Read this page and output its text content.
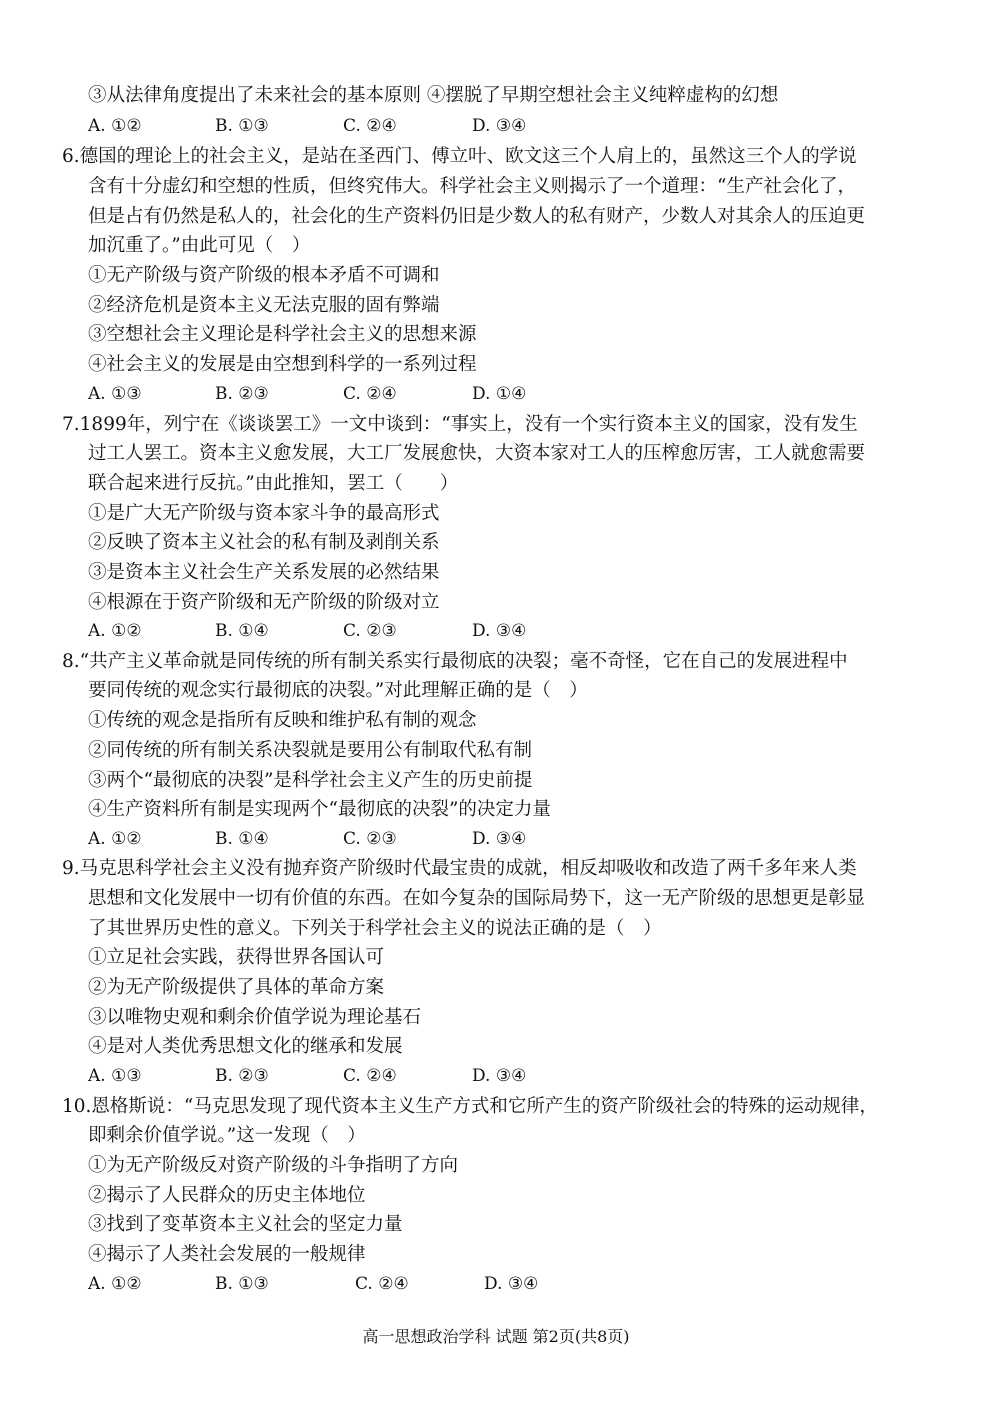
③从法律角度提出了未来社会的基本原则 ④摆脱了早期空想社会主义纯粹虚构的幻想
A. ①②	B. ①③	C. ②④	D. ③④
6.德国的理论上的社会主义，是站在圣西门、傅立叶、欧文这三个人肩上的，虽然这三个人的学说
含有十分虚幻和空想的性质，但终究伟大。科学社会主义则揭示了一个道理：“生产社会化了，
但是占有仍然是私人的，社会化的生产资料仍旧是少数人的私有财产，少数人对其余人的压迫更
加沉重了。”由此可见（　）
①无产阶级与资产阶级的根本矛盾不可调和
②经济危机是资本主义无法克服的固有弊端
③空想社会主义理论是科学社会主义的思想来源
④社会主义的发展是由空想到科学的一系列过程
A. ①③	B. ②③	C. ②④	D. ①④
7.1899年，列宁在《谈谈罢工》一文中谈到：“事实上，没有一个实行资本主义的国家，没有发生
过工人罢工。资本主义愈发展，大工厂发展愈快，大资本家对工人的压榨愈厉害，工人就愈需要
联合起来进行反抗。”由此推知，罢工（　　）
①是广大无产阶级与资本家斗争的最高形式
②反映了资本主义社会的私有制及剥削关系
③是资本主义社会生产关系发展的必然结果
④根源在于资产阶级和无产阶级的阶级对立
A. ①②	B. ①④	C. ②③	D. ③④
8.“共产主义革命就是同传统的所有制关系实行最彻底的决裂；毫不奇怪，它在自己的发展进程中
要同传统的观念实行最彻底的决裂。”对此理解正确的是（　）
①传统的观念是指所有反映和维护私有制的观念
②同传统的所有制关系决裂就是要用公有制取代私有制
③两个“最彻底的决裂”是科学社会主义产生的历史前提
④生产资料所有制是实现两个“最彻底的决裂”的决定力量
A. ①②	B. ①④	C. ②③	D. ③④
9.马克思科学社会主义没有抛弃资产阶级时代最宝贵的成就，相反却吸收和改造了两千多年来人类
思想和文化发展中一切有价值的东西。在如今复杂的国际局势下，这一无产阶级的思想更是彰显
了其世界历史性的意义。下列关于科学社会主义的说法正确的是（　）
①立足社会实践，获得世界各国认可
②为无产阶级提供了具体的革命方案
③以唯物史观和剩余价值学说为理论基石
④是对人类优秀思想文化的继承和发展
A. ①③	B. ②③	C. ②④	D. ③④
10.恩格斯说：“马克思发现了现代资本主义生产方式和它所产生的资产阶级社会的特殊的运动规律，
即剩余价值学说。”这一发现（　）
①为无产阶级反对资产阶级的斗争指明了方向
②揭示了人民群众的历史主体地位
③找到了变革资本主义社会的坚定力量
④揭示了人类社会发展的一般规律
A. ①②	B. ①③	C. ②④	D. ③④
高一思想政治学科 试题 第2页(共8页)
